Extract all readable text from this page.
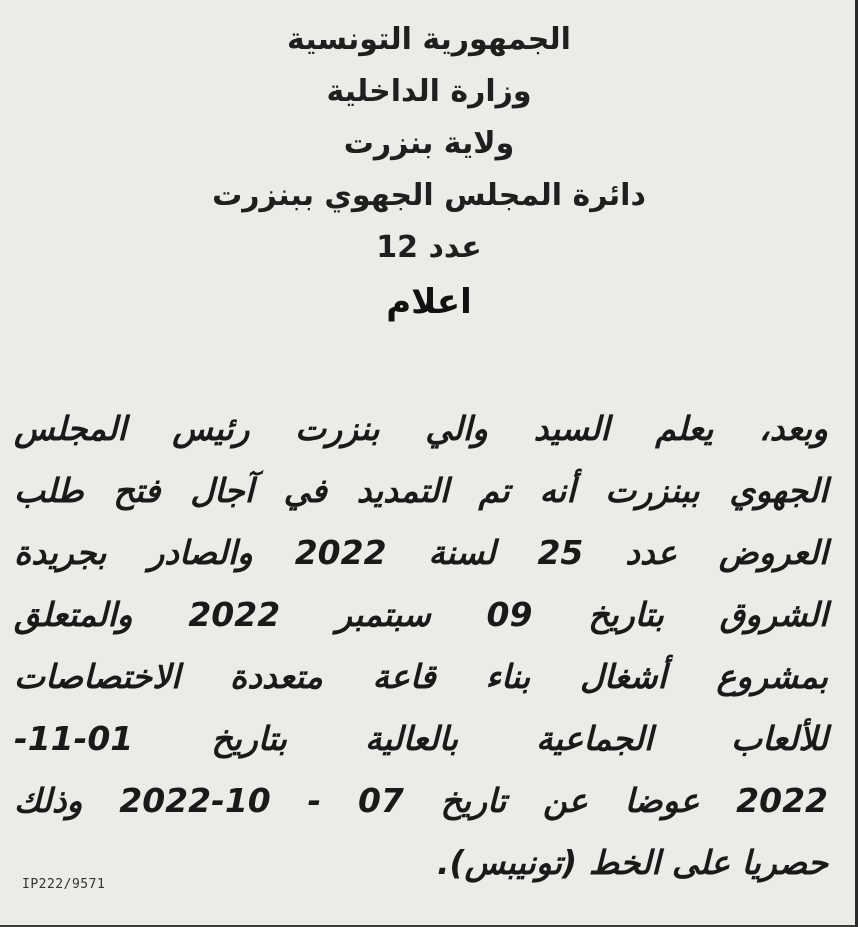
الجمهورية التونسية
وزارة الداخلية
ولاية بنزرت
دائرة المجلس الجهوي ببنزرت
عدد 12
اعلام
وبعد، يعلم السيد والي بنزرت رئيس المجلس
الجهوي ببنزرت أنه تم التمديد في آجال فتح طلب
العروض عدد 25 لسنة 2022 والصادر بجريدة
الشروق بتاريخ 09 سبتمبر 2022 والمتعلق
بمشروع أشغال بناء قاعة متعددة الاختصاصات
للألعاب الجماعية بالعالية بتاريخ 01-11-
2022 عوضا عن تاريخ 07 - 10-2022 وذلك
حصريا على الخط (تونيبس).
IP222/9571
